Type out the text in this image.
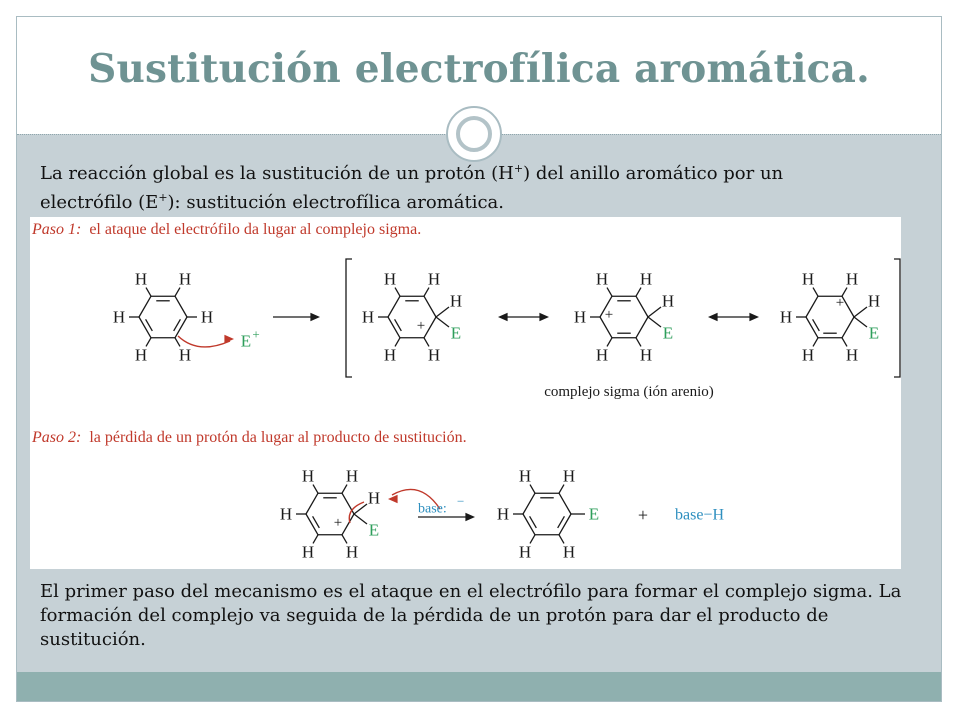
Sustitución electrofílica aromática.
La reacción global es la sustitución de un protón (H+) del anillo aromático por un
electrófilo (E+): sustitución electrofílica aromática.
Paso 1: el ataque del electrófilo da lugar al complejo sigma.
Paso 2: la pérdida de un protón da lugar al producto de sustitución.
H H
H
H
H
H
E +
H H
H
H
H
H
E
+
H H
H
H
H
H
E
+
H H
H
H
H
H
E
+
complejo sigma (ión arenio)
H H
H
H
H
H
E
+
base:
−
H H
H
H
H	E + base−H
El primer paso del mecanismo es el ataque en el electrófilo para formar el complejo sigma. La formación del complejo va seguida de la pérdida de un protón para dar el producto de sustitución.
